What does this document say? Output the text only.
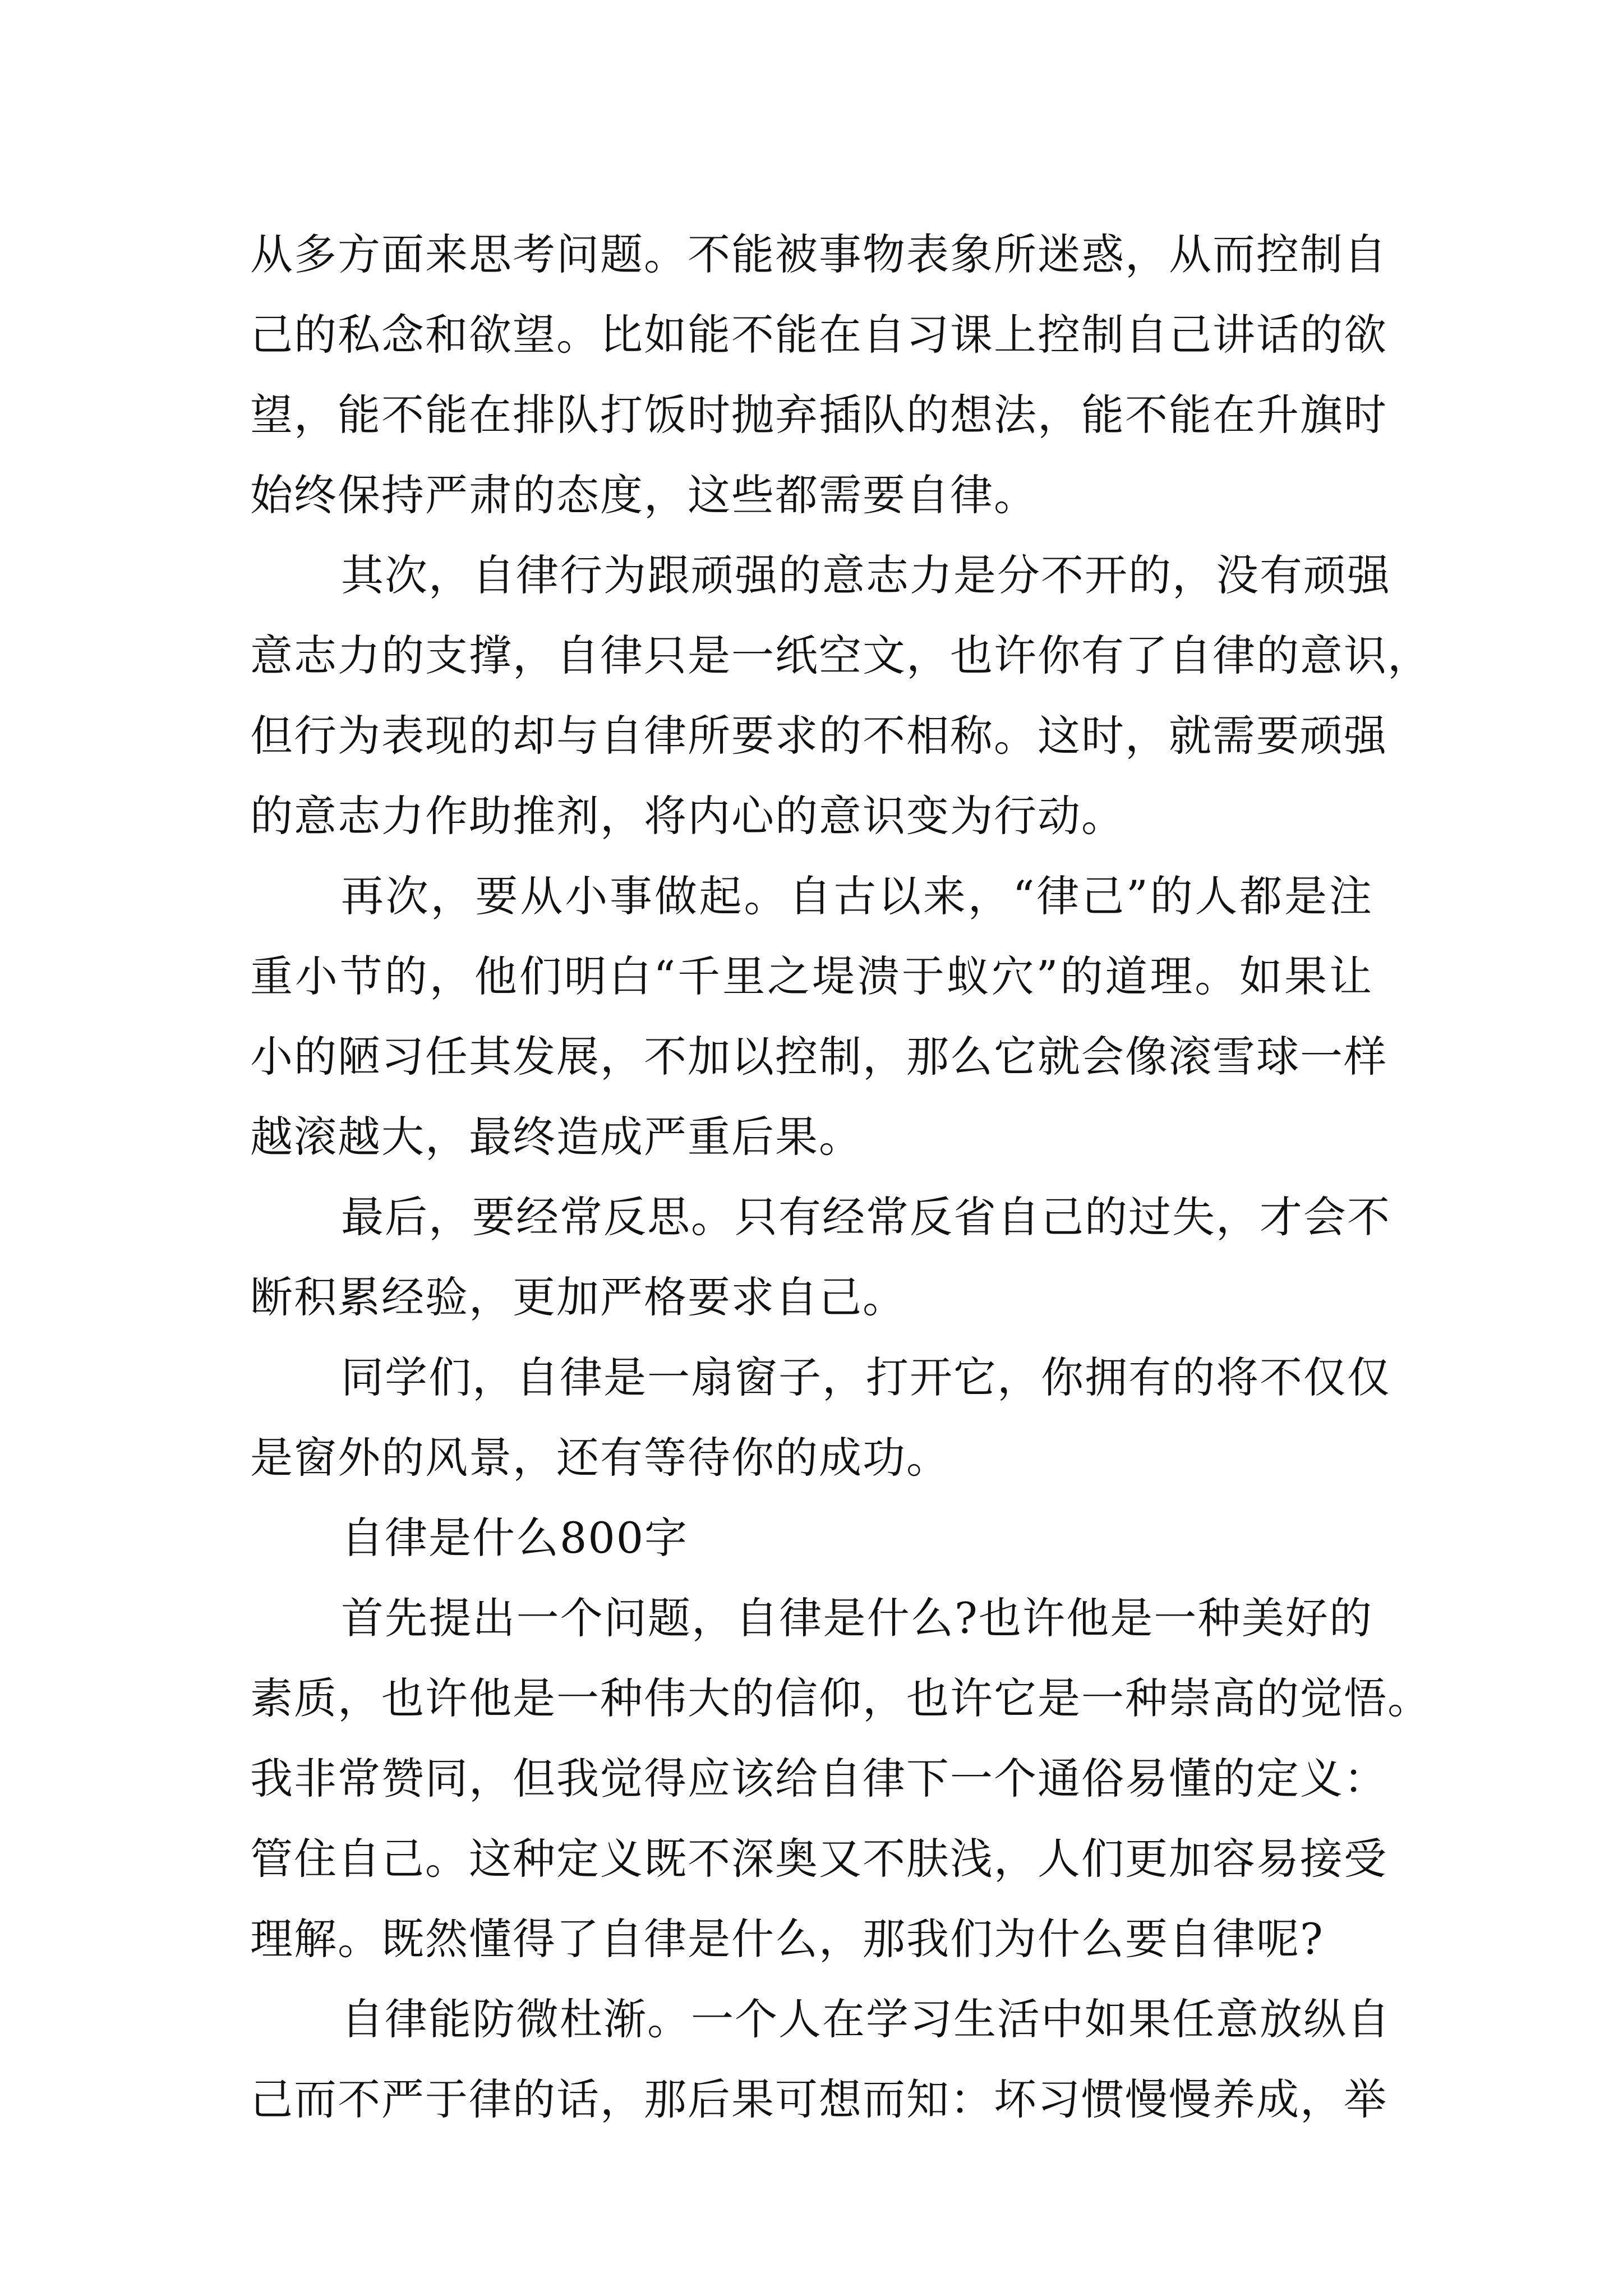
从多方面来思考问题。不能被事物表象所迷惑，从而控制自
己的私念和欲望。比如能不能在自习课上控制自己讲话的欲
望，能不能在排队打饭时抛弃插队的想法，能不能在升旗时
始终保持严肃的态度，这些都需要自律。
其次，自律行为跟顽强的意志力是分不开的，没有顽强
意志力的支撑，自律只是一纸空文，也许你有了自律的意识，
但行为表现的却与自律所要求的不相称。这时，就需要顽强
的意志力作助推剂，将内心的意识变为行动。
再次，要从小事做起。自古以来，“律己”的人都是注
重小节的，他们明白“千里之堤溃于蚁穴”的道理。如果让
小的陋习任其发展，不加以控制，那么它就会像滚雪球一样
越滚越大，最终造成严重后果。
最后，要经常反思。只有经常反省自己的过失，才会不
断积累经验，更加严格要求自己。
同学们，自律是一扇窗子，打开它，你拥有的将不仅仅
是窗外的风景，还有等待你的成功。
自律是什么800字
首先提出一个问题，自律是什么?也许他是一种美好的
素质，也许他是一种伟大的信仰，也许它是一种崇高的觉悟。
我非常赞同，但我觉得应该给自律下一个通俗易懂的定义：
管住自己。这种定义既不深奥又不肤浅，人们更加容易接受
理解。既然懂得了自律是什么，那我们为什么要自律呢?
自律能防微杜渐。一个人在学习生活中如果任意放纵自
己而不严于律的话，那后果可想而知：坏习惯慢慢养成，举
